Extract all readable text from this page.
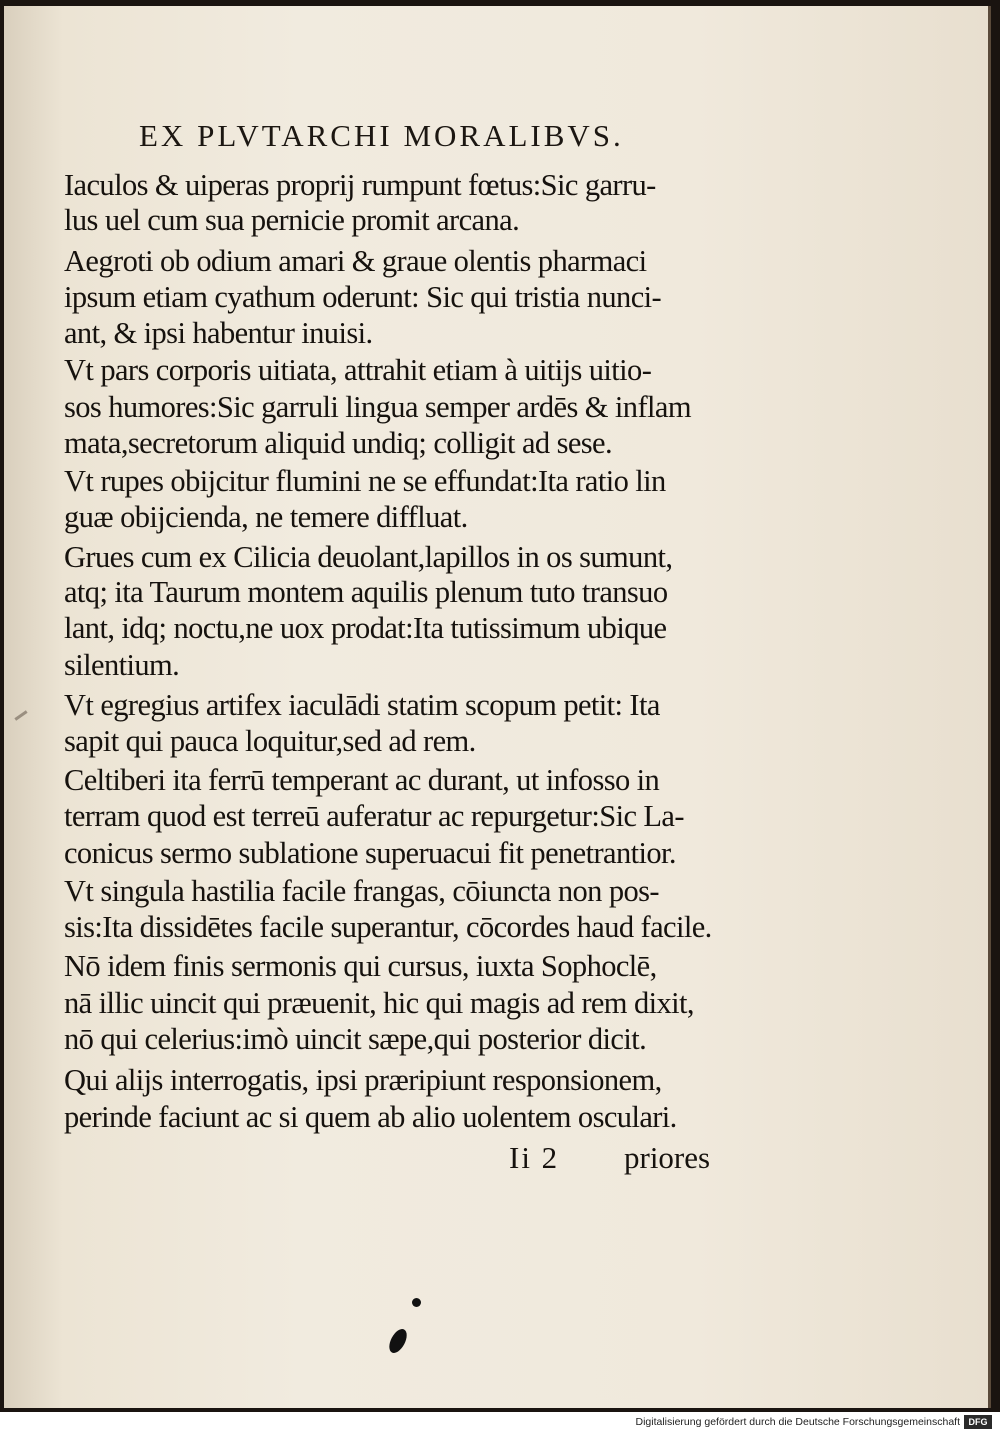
EX PLVTARCHI MORALIBVS.
Iaculos & uiperas proprij rumpunt fœtus:Sic garru-
lus uel cum sua pernicie promit arcana.
Aegroti ob odium amari & graue olentis pharmaci
ipsum etiam cyathum oderunt: Sic qui tristia nunci-
ant, & ipsi habentur inuisi.
Vt pars corporis uitiata, attrahit etiam à uitijs uitio-
sos humores:Sic garruli lingua semper ardēs & inflam
mata,secretorum aliquid undiq; colligit ad sese.
Vt rupes obijcitur flumini ne se effundat:Ita ratio lin
guæ obijcienda, ne temere diffluat.
Grues cum ex Cilicia deuolant,lapillos in os sumunt,
atq; ita Taurum montem aquilis plenum tuto transuo
lant, idq; noctu,ne uox prodat:Ita tutissimum ubique
silentium.
Vt egregius artifex iaculādi statim scopum petit: Ita
sapit qui pauca loquitur,sed ad rem.
Celtiberi ita ferrū temperant ac durant, ut infosso in
terram quod est terreū auferatur ac repurgetur:Sic La-
conicus sermo sublatione superuacui fit penetrantior.
Vt singula hastilia facile frangas, cōiuncta non pos-
sis:Ita dissidētes facile superantur, cōcordes haud facile.
Nō idem finis sermonis qui cursus, iuxta Sophoclē,
nā illic uincit qui præuenit, hic qui magis ad rem dixit,
nō qui celerius:imò uincit sæpe,qui posterior dicit.
Qui alijs interrogatis, ipsi præripiunt responsionem,
perinde faciunt ac si quem ab alio uolentem osculari.
Ii 2 priores
Digitalisierung gefördert durch die Deutsche Forschungsgemeinschaft DFG
